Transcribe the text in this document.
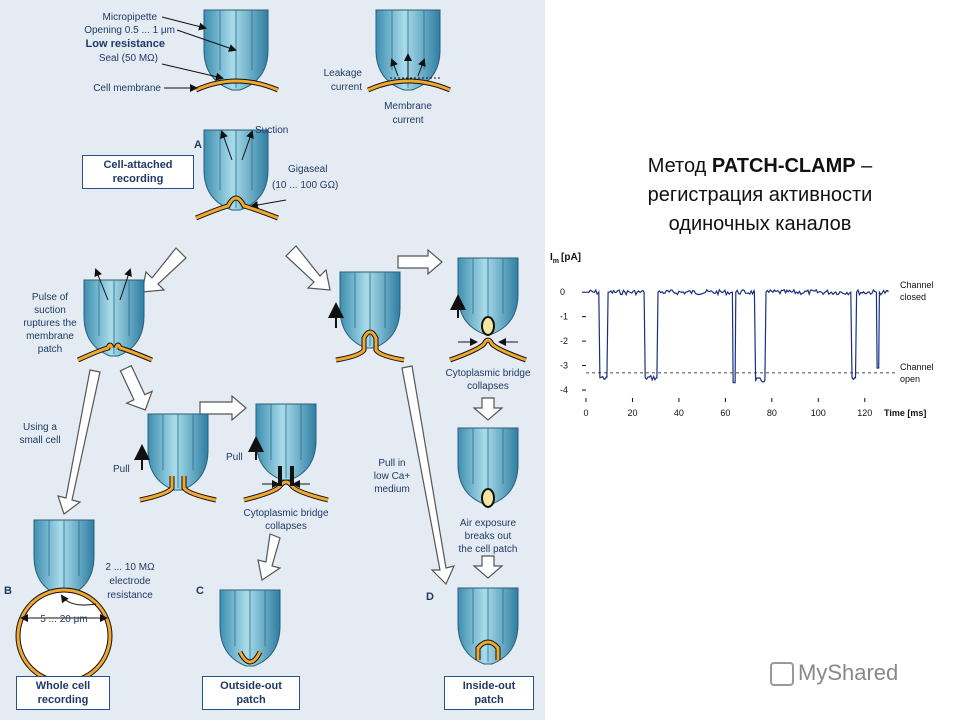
Micropipette
Opening 0.5 ... 1 μm
Low resistance
Seal (50 MΩ)
Cell membrane
Leakage
current
Membrane
current
A
Suction
Gigaseal
(10 ... 100 GΩ)
Pulse of
suction
ruptures the
membrane
patch
Cytoplasmic bridge
collapses
Pull
Pull
Cytoplasmic bridge
collapses
Using a
small cell
Pull in
low Ca+
medium
Air exposure
breaks out
the cell patch
B
5 ... 20 μm
2 ... 10 MΩ
electrode
resistance	C	D
Cell-attached
recording
Whole cell
recording
Outside-out
patch
Inside-out
patch
Метод PATCH-CLAMP –
регистрация активности
одиночных каналов
$I_m$ [pA]
0
-1
-2
-3
-4
0	20	40	60	80	100	120
Channel
closed
Channel
open
Time [ms]
MyShared
